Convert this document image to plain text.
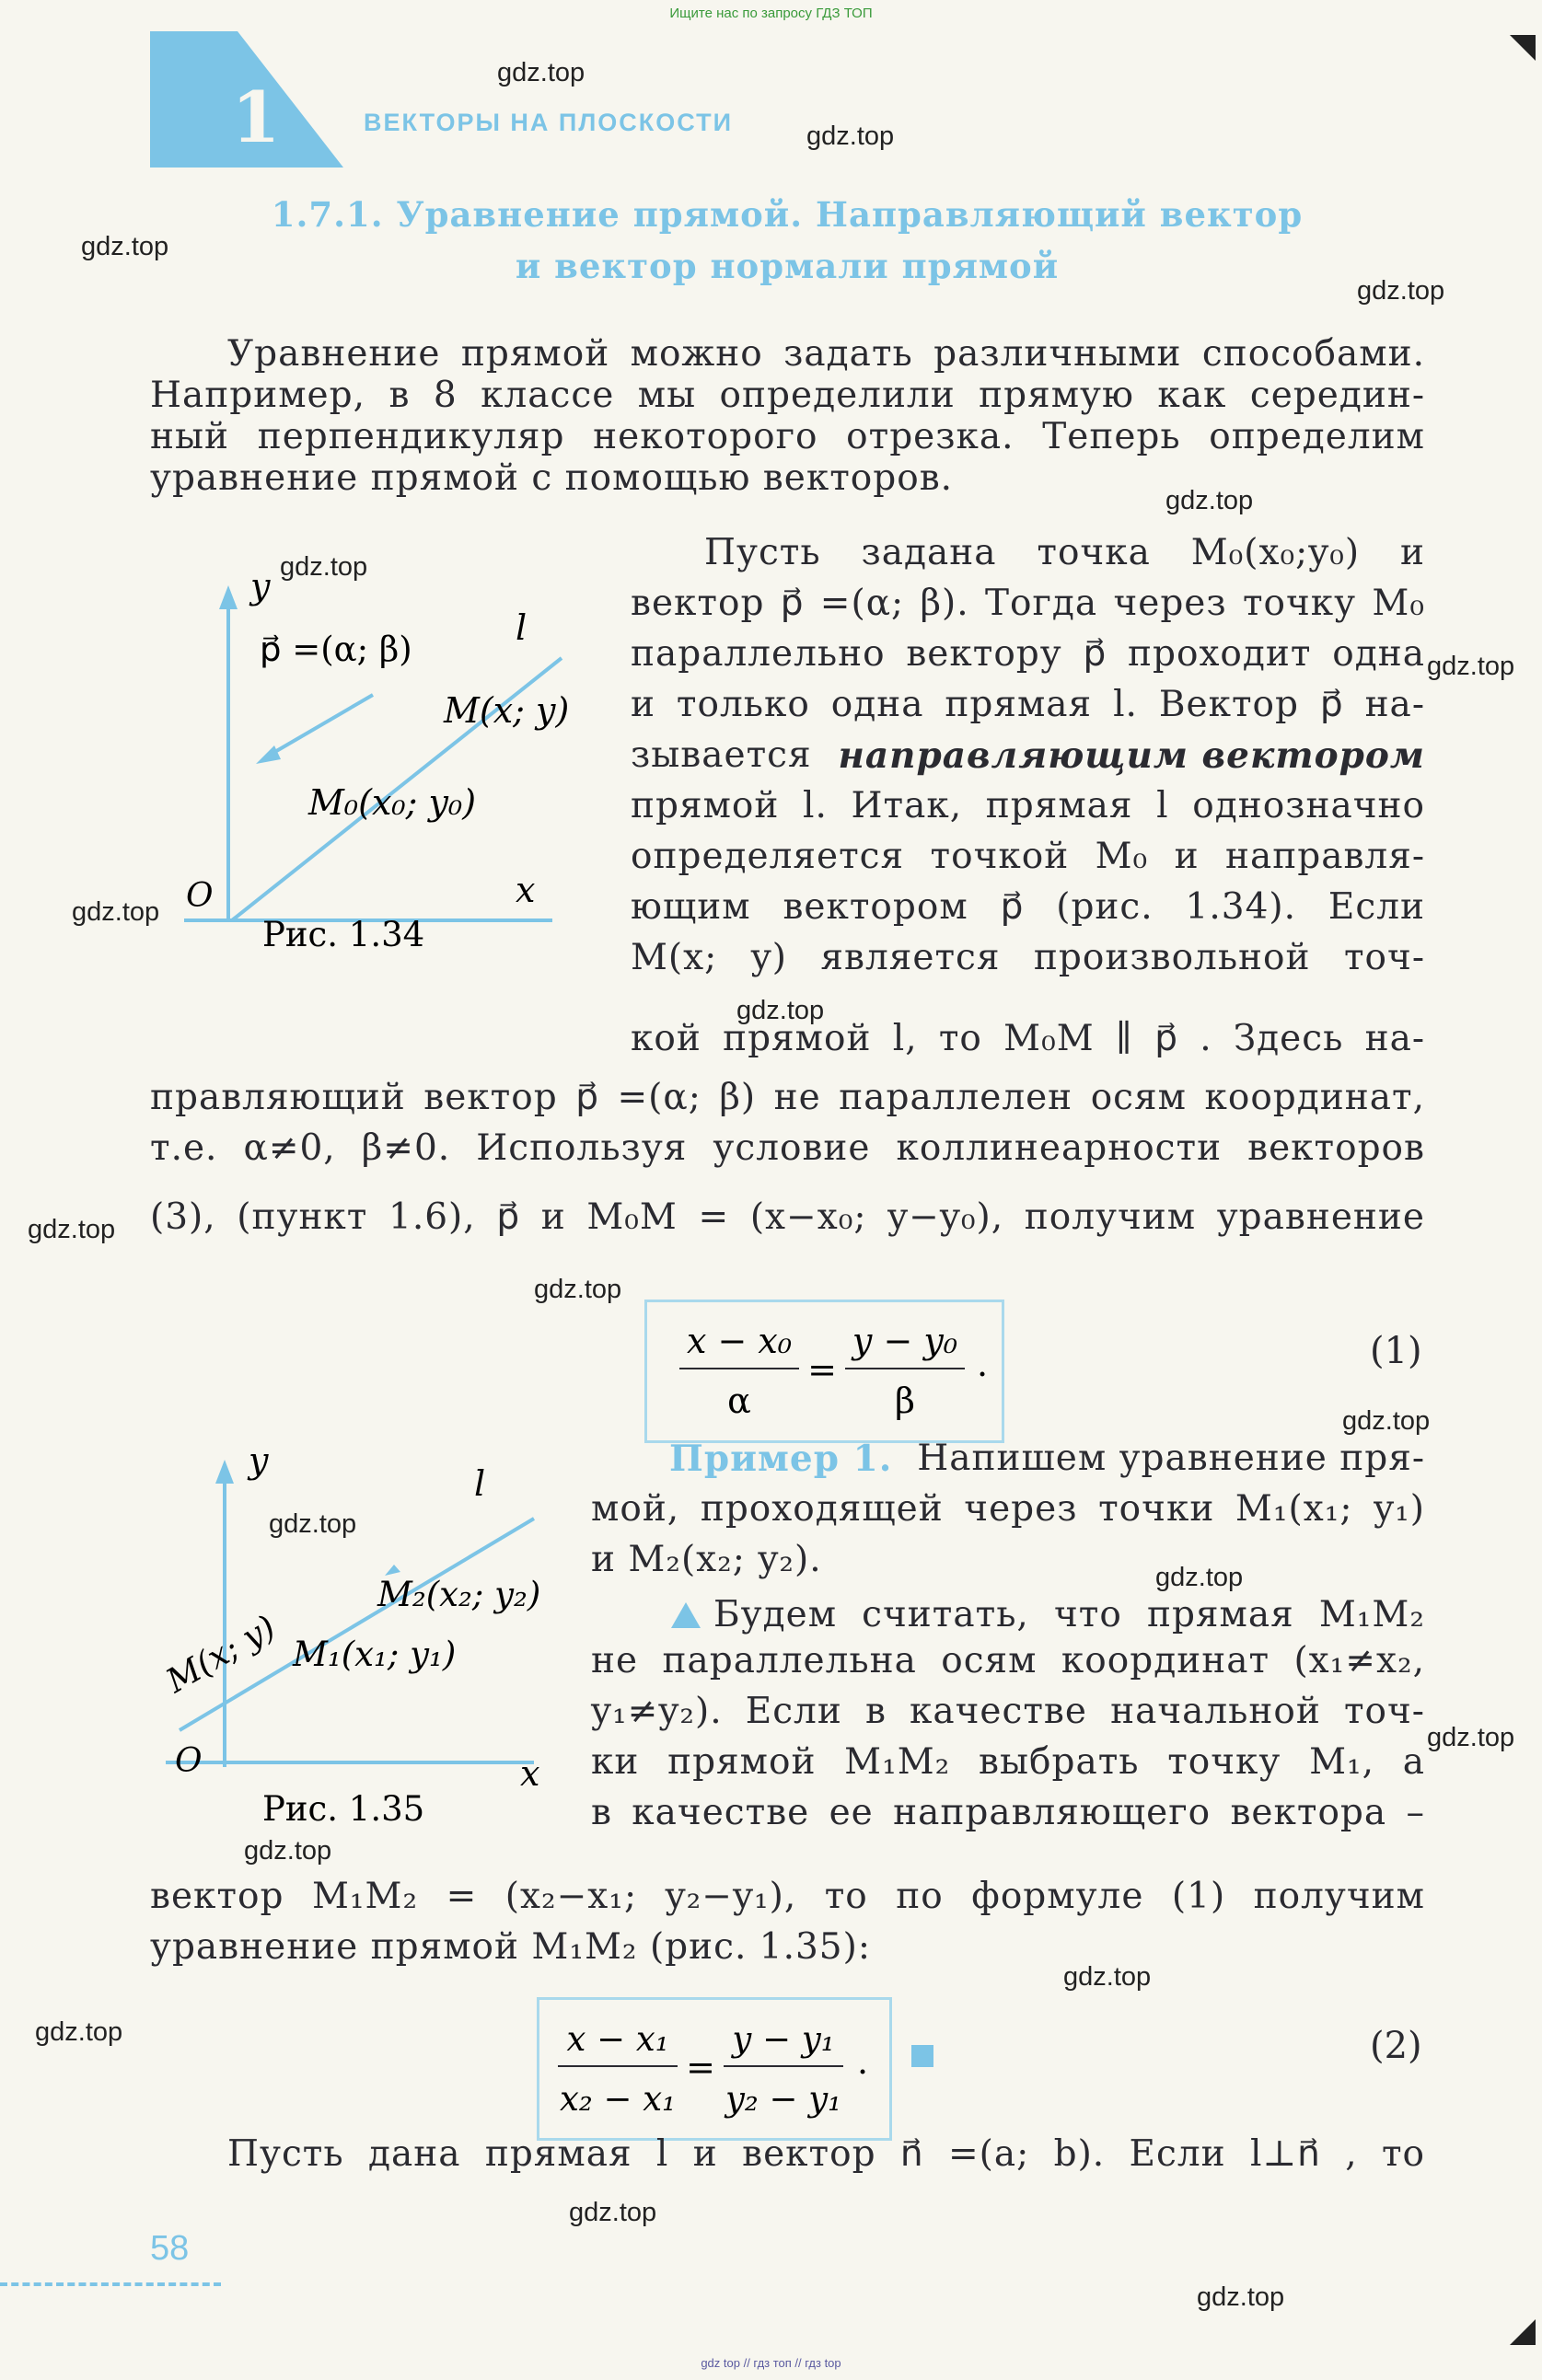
Ищите нас по запросу ГДЗ ТОП
1	ВЕКТОРЫ НА ПЛОСКОСТИ
1.7.1. Уравнение прямой. Направляющий вектор
и вектор нормали прямой
gdz.top
gdz.top
gdz.top
gdz.top
gdz.top
gdz.top
gdz.top
gdz.top
gdz.top
gdz.top
gdz.top
gdz.top
gdz.top
gdz.top
gdz.top
gdz.top
gdz.top
gdz.top
gdz.top
gdz.top
Уравнение прямой можно задать различными способами.
Например, в 8 классе мы определили прямую как середин-
ный перпендикуляр некоторого отрезка. Теперь определим
уравнение прямой с помощью векторов.
y
x
O
p⃗ =(α; β)
l
M(x; y)
M₀(x₀; y₀)
Рис. 1.34
Пусть задана точка M₀(x₀;y₀) и
вектор p⃗ =(α; β). Тогда через точку M₀
параллельно вектору p⃗ проходит одна
и только одна прямая l. Вектор p⃗ на-
зывается направляющим вектором
прямой l. Итак, прямая l однозначно
определяется точкой M₀ и направля-
ющим вектором p⃗ (рис. 1.34). Если
M(x; y) является произвольной точ-
кой прямой l, то M₀M ∥ p⃗ . Здесь на-
правляющий вектор p⃗ =(α; β) не параллелен осям координат,
т.е. α≠0, β≠0. Используя условие коллинеарности векторов
(3), (пункт 1.6), p⃗ и M₀M = (x−x₀; y−y₀), получим уравнение
x − x₀
α
=
y − y₀
β
.	(1)
y
x
O
l
M₂(x₂; y₂)
M₁(x₁; y₁)
M(x; y)
Рис. 1.35
Пример 1. Напишем уравнение пря-
мой, проходящей через точки M₁(x₁; y₁)
и M₂(x₂; y₂).
Будем считать, что прямая M₁M₂
не параллельна осям координат (x₁≠x₂,
y₁≠y₂). Если в качестве начальной точ-
ки прямой M₁M₂ выбрать точку M₁, а
в качестве ее направляющего вектора –
вектор M₁M₂ = (x₂−x₁; y₂−y₁), то по формуле (1) получим
уравнение прямой M₁M₂ (рис. 1.35):
x − x₁
x₂ − x₁
=
y − y₁
y₂ − y₁
.	(2)
Пусть дана прямая l и вектор n⃗ =(a; b). Если l⊥n⃗ , то
58
gdz top // гдз топ // гдз top
